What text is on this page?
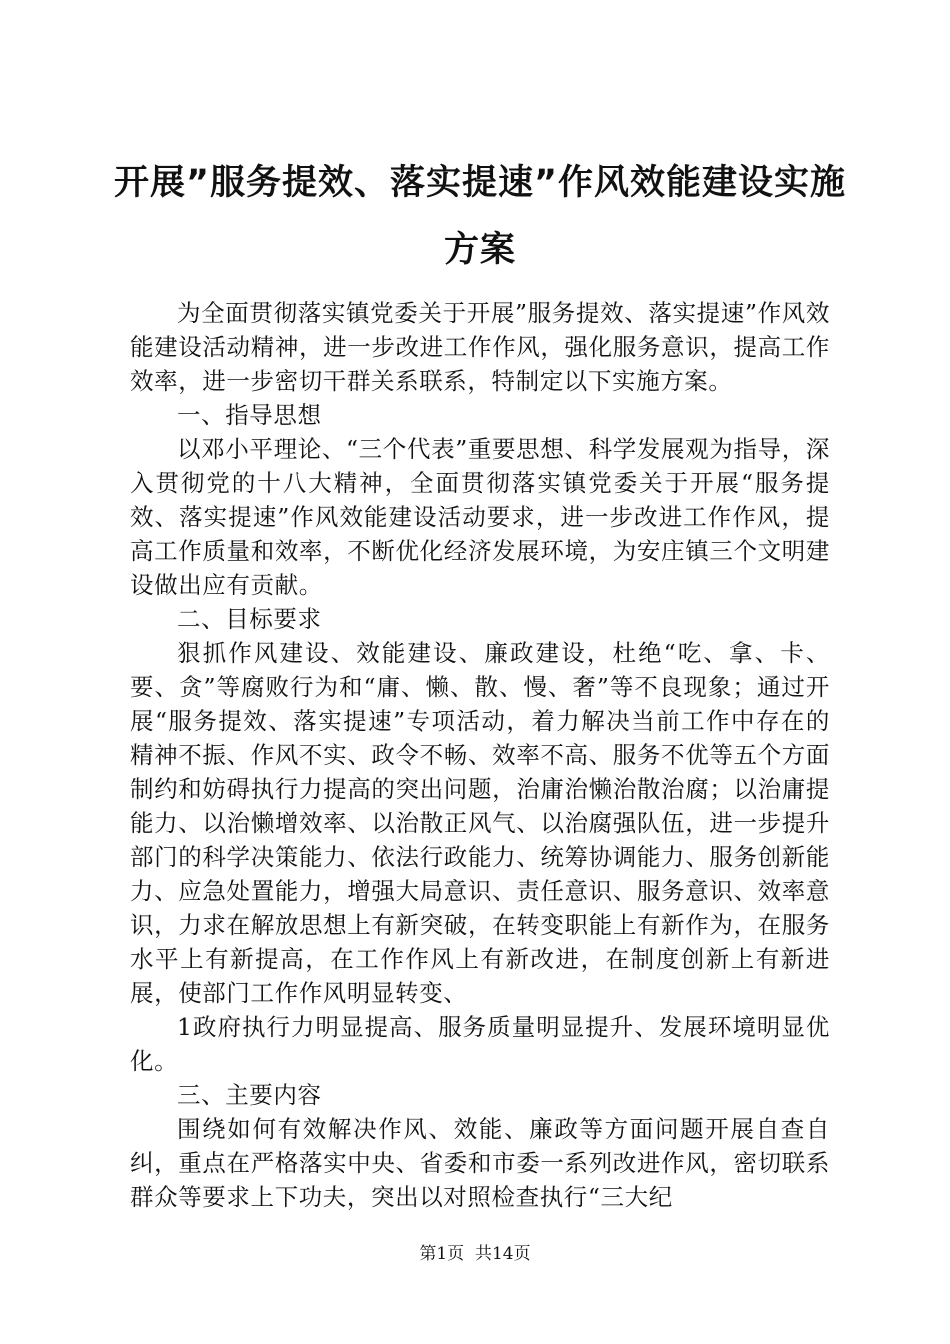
开展”服务提效、落实提速”作风效能建设实施方案

为全面贯彻落实镇党委关于开展”服务提效、落实提速”作风效能建设活动精神，进一步改进工作作风，强化服务意识，提高工作效率，进一步密切干群关系联系，特制定以下实施方案。

一、指导思想

以邓小平理论、“三个代表”重要思想、科学发展观为指导，深入贯彻党的十八大精神，全面贯彻落实镇党委关于开展“服务提效、落实提速”作风效能建设活动要求，进一步改进工作作风，提高工作质量和效率，不断优化经济发展环境，为安庄镇三个文明建设做出应有贡献。

二、目标要求

狠抓作风建设、效能建设、廉政建设，杜绝“吃、拿、卡、要、贪”等腐败行为和“庸、懒、散、慢、奢”等不良现象；通过开展“服务提效、落实提速”专项活动，着力解决当前工作中存在的精神不振、作风不实、政令不畅、效率不高、服务不优等五个方面制约和妨碍执行力提高的突出问题，治庸治懒治散治腐；以治庸提能力、以治懒增效率、以治散正风气、以治腐强队伍，进一步提升部门的科学决策能力、依法行政能力、统筹协调能力、服务创新能力、应急处置能力，增强大局意识、责任意识、服务意识、效率意识，力求在解放思想上有新突破，在转变职能上有新作为，在服务水平上有新提高，在工作作风上有新改进，在制度创新上有新进展，使部门工作作风明显转变、

1政府执行力明显提高、服务质量明显提升、发展环境明显优化。

三、主要内容

围绕如何有效解决作风、效能、廉政等方面问题开展自查自纠，重点在严格落实中央、省委和市委一系列改进作风，密切联系群众等要求上下功夫，突出以对照检查执行“三大纪

第1页  共14页
